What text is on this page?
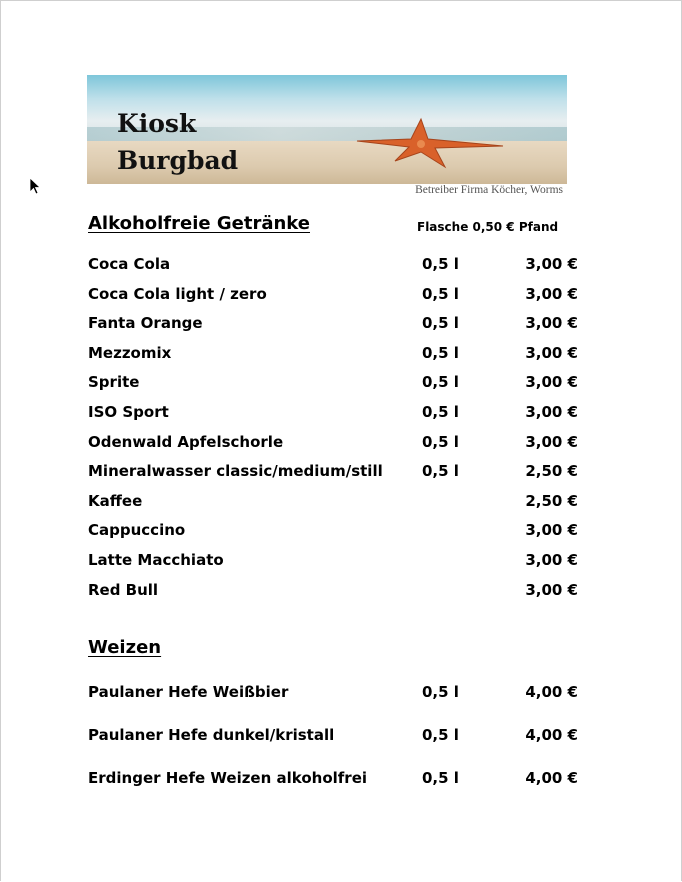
Kiosk
Burgbad
Betreiber Firma Köcher, Worms
Alkoholfreie Getränke	Flasche 0,50 € Pfand
Coca Cola	0,5 l	3,00 €
Coca Cola light / zero	0,5 l	3,00 €
Fanta Orange	0,5 l	3,00 €
Mezzomix	0,5 l	3,00 €
Sprite	0,5 l	3,00 €
ISO Sport	0,5 l	3,00 €
Odenwald Apfelschorle	0,5 l	3,00 €
Mineralwasser classic/medium/still	0,5 l	2,50 €
Kaffee	2,50 €
Cappuccino	3,00 €
Latte Macchiato	3,00 €
Red Bull	3,00 €
Weizen
Paulaner Hefe Weißbier	0,5 l	4,00 €
Paulaner Hefe dunkel/kristall	0,5 l	4,00 €
Erdinger Hefe Weizen alkoholfrei	0,5 l	4,00 €
